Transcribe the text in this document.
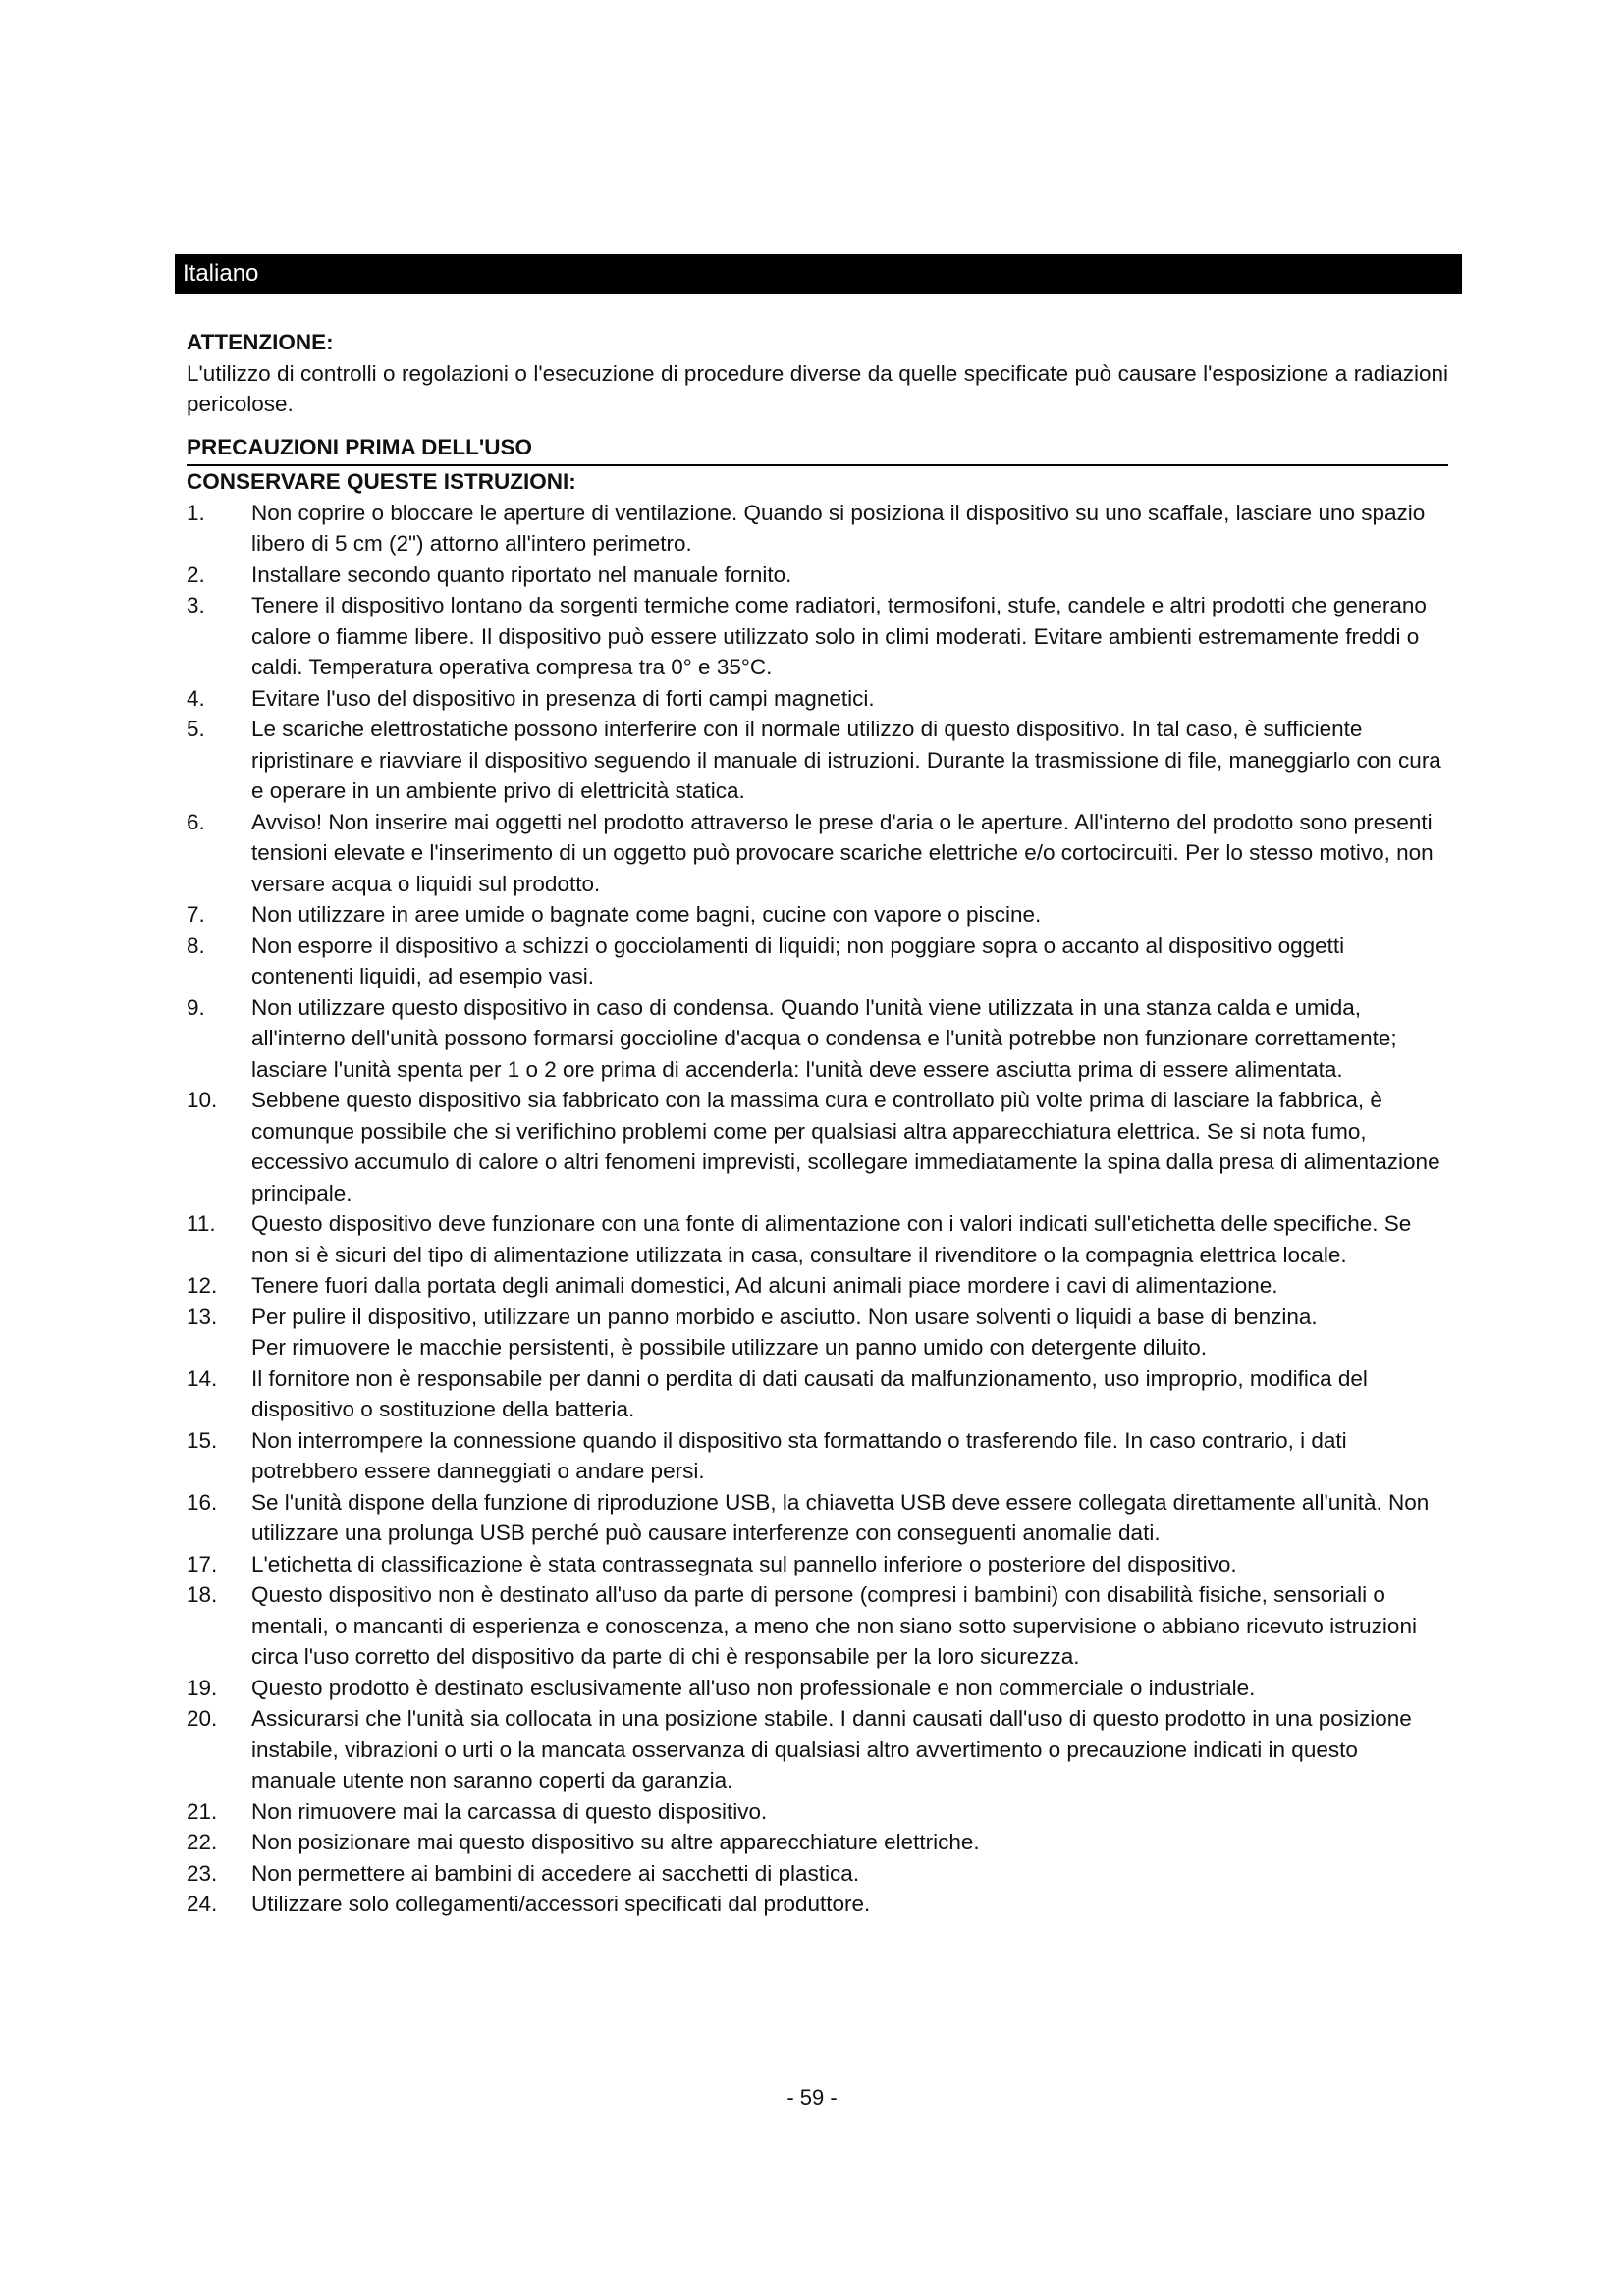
Italiano

ATTENZIONE:

L'utilizzo di controlli o regolazioni o l'esecuzione di procedure diverse da quelle specificate può causare l'esposizione a radiazioni pericolose.

PRECAUZIONI PRIMA DELL'USO

CONSERVARE QUESTE ISTRUZIONI:

1.	Non coprire o bloccare le aperture di ventilazione. Quando si posiziona il dispositivo su uno scaffale, lasciare uno spazio libero di 5 cm (2") attorno all'intero perimetro.

2.	Installare secondo quanto riportato nel manuale fornito.

3.	Tenere il dispositivo lontano da sorgenti termiche come radiatori, termosifoni, stufe, candele e altri prodotti che generano calore o fiamme libere. Il dispositivo può essere utilizzato solo in climi moderati. Evitare ambienti estremamente freddi o caldi. Temperatura operativa compresa tra 0° e 35°C.

4.	Evitare l'uso del dispositivo in presenza di forti campi magnetici.

5.	Le scariche elettrostatiche possono interferire con il normale utilizzo di questo dispositivo. In tal caso, è sufficiente ripristinare e riavviare il dispositivo seguendo il manuale di istruzioni. Durante la trasmissione di file, maneggiarlo con cura e operare in un ambiente privo di elettricità statica.

6.	Avviso! Non inserire mai oggetti nel prodotto attraverso le prese d'aria o le aperture. All'interno del prodotto sono presenti tensioni elevate e l'inserimento di un oggetto può provocare scariche elettriche e/o cortocircuiti. Per lo stesso motivo, non versare acqua o liquidi sul prodotto.

7.	Non utilizzare in aree umide o bagnate come bagni, cucine con vapore o piscine.

8.	Non esporre il dispositivo a schizzi o gocciolamenti di liquidi; non poggiare sopra o accanto al dispositivo oggetti contenenti liquidi, ad esempio vasi.

9.	Non utilizzare questo dispositivo in caso di condensa. Quando l'unità viene utilizzata in una stanza calda e umida, all'interno dell'unità possono formarsi goccioline d'acqua o condensa e l'unità potrebbe non funzionare correttamente; lasciare l'unità spenta per 1 o 2 ore prima di accenderla: l'unità deve essere asciutta prima di essere alimentata.

10.	Sebbene questo dispositivo sia fabbricato con la massima cura e controllato più volte prima di lasciare la fabbrica, è comunque possibile che si verifichino problemi come per qualsiasi altra apparecchiatura elettrica. Se si nota fumo, eccessivo accumulo di calore o altri fenomeni imprevisti, scollegare immediatamente la spina dalla presa di alimentazione principale.

11.	Questo dispositivo deve funzionare con una fonte di alimentazione con i valori indicati sull'etichetta delle specifiche. Se non si è sicuri del tipo di alimentazione utilizzata in casa, consultare il rivenditore o la compagnia elettrica locale.

12.	Tenere fuori dalla portata degli animali domestici, Ad alcuni animali piace mordere i cavi di alimentazione.

13.	Per pulire il dispositivo, utilizzare un panno morbido e asciutto. Non usare solventi o liquidi a base di benzina.

Per rimuovere le macchie persistenti, è possibile utilizzare un panno umido con detergente diluito.

14.	Il fornitore non è responsabile per danni o perdita di dati causati da malfunzionamento, uso improprio, modifica del dispositivo o sostituzione della batteria.

15.	Non interrompere la connessione quando il dispositivo sta formattando o trasferendo file. In caso contrario, i dati potrebbero essere danneggiati o andare persi.

16.	Se l'unità dispone della funzione di riproduzione USB, la chiavetta USB deve essere collegata direttamente all'unità. Non utilizzare una prolunga USB perché può causare interferenze con conseguenti anomalie dati.

17.	L'etichetta di classificazione è stata contrassegnata sul pannello inferiore o posteriore del dispositivo.

18.	Questo dispositivo non è destinato all'uso da parte di persone (compresi i bambini) con disabilità fisiche, sensoriali o mentali, o mancanti di esperienza e conoscenza, a meno che non siano sotto supervisione o abbiano ricevuto istruzioni circa l'uso corretto del dispositivo da parte di chi è responsabile per la loro sicurezza.

19.	Questo prodotto è destinato esclusivamente all'uso non professionale e non commerciale o industriale.

20.	Assicurarsi che l'unità sia collocata in una posizione stabile. I danni causati dall'uso di questo prodotto in una posizione instabile, vibrazioni o urti o la mancata osservanza di qualsiasi altro avvertimento o precauzione indicati in questo manuale utente non saranno coperti da garanzia.

21.	Non rimuovere mai la carcassa di questo dispositivo.

22.	Non posizionare mai questo dispositivo su altre apparecchiature elettriche.

23.	Non permettere ai bambini di accedere ai sacchetti di plastica.

24.	Utilizzare solo collegamenti/accessori specificati dal produttore.

- 59 -
